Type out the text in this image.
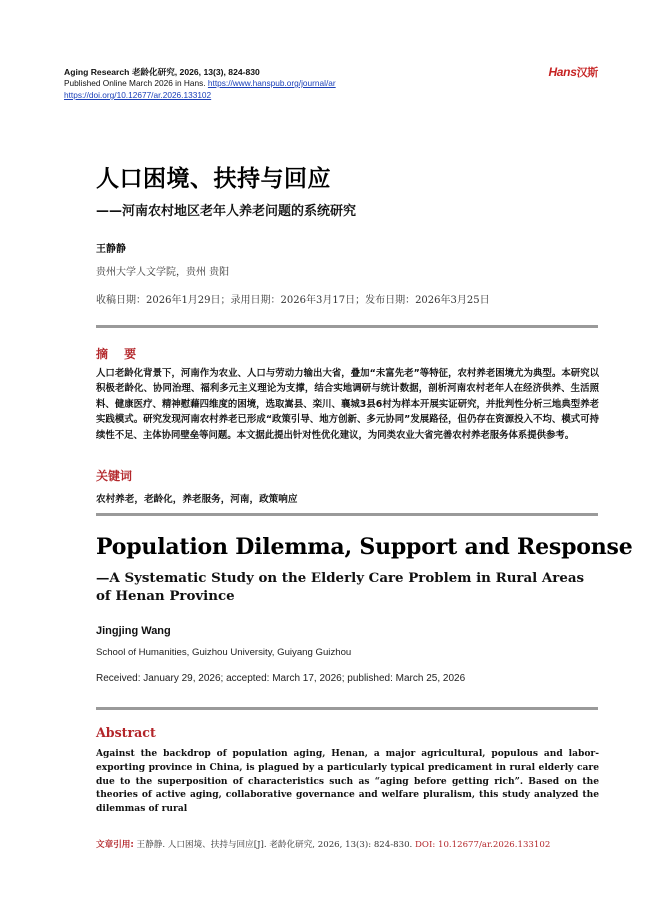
Aging Research 老龄化研究, 2026, 13(3), 824-830
Published Online March 2026 in Hans. https://www.hanspub.org/journal/ar
https://doi.org/10.12677/ar.2026.133102
Hans汉斯
人口困境、扶持与回应
——河南农村地区老年人养老问题的系统研究
王静静
贵州大学人文学院，贵州 贵阳
收稿日期：2026年1月29日；录用日期：2026年3月17日；发布日期：2026年3月25日
摘 要
人口老龄化背景下，河南作为农业、人口与劳动力输出大省，叠加“未富先老”等特征，农村养老困境尤为典型。本研究以积极老龄化、协同治理、福利多元主义理论为支撑，结合实地调研与统计数据，剖析河南农村老年人在经济供养、生活照料、健康医疗、精神慰藉四维度的困境，选取嵩县、栾川、襄城3县6村为样本开展实证研究，并批判性分析三地典型养老实践模式。研究发现河南农村养老已形成“政策引导、地方创新、多元协同”发展路径，但仍存在资源投入不均、模式可持续性不足、主体协同壁垒等问题。本文据此提出针对性优化建议，为同类农业大省完善农村养老服务体系提供参考。
关键词
农村养老，老龄化，养老服务，河南，政策响应
Population Dilemma, Support and Response
—A Systematic Study on the Elderly Care Problem in Rural Areas of Henan Province
Jingjing Wang
School of Humanities, Guizhou University, Guiyang Guizhou
Received: January 29, 2026; accepted: March 17, 2026; published: March 25, 2026
Abstract
Against the backdrop of population aging, Henan, a major agricultural, populous and labor-exporting province in China, is plagued by a particularly typical predicament in rural elderly care due to the superposition of characteristics such as “aging before getting rich”. Based on the theories of active aging, collaborative governance and welfare pluralism, this study analyzed the dilemmas of rural
文章引用: 王静静. 人口困境、扶持与回应[J]. 老龄化研究, 2026, 13(3): 824-830. DOI: 10.12677/ar.2026.133102
